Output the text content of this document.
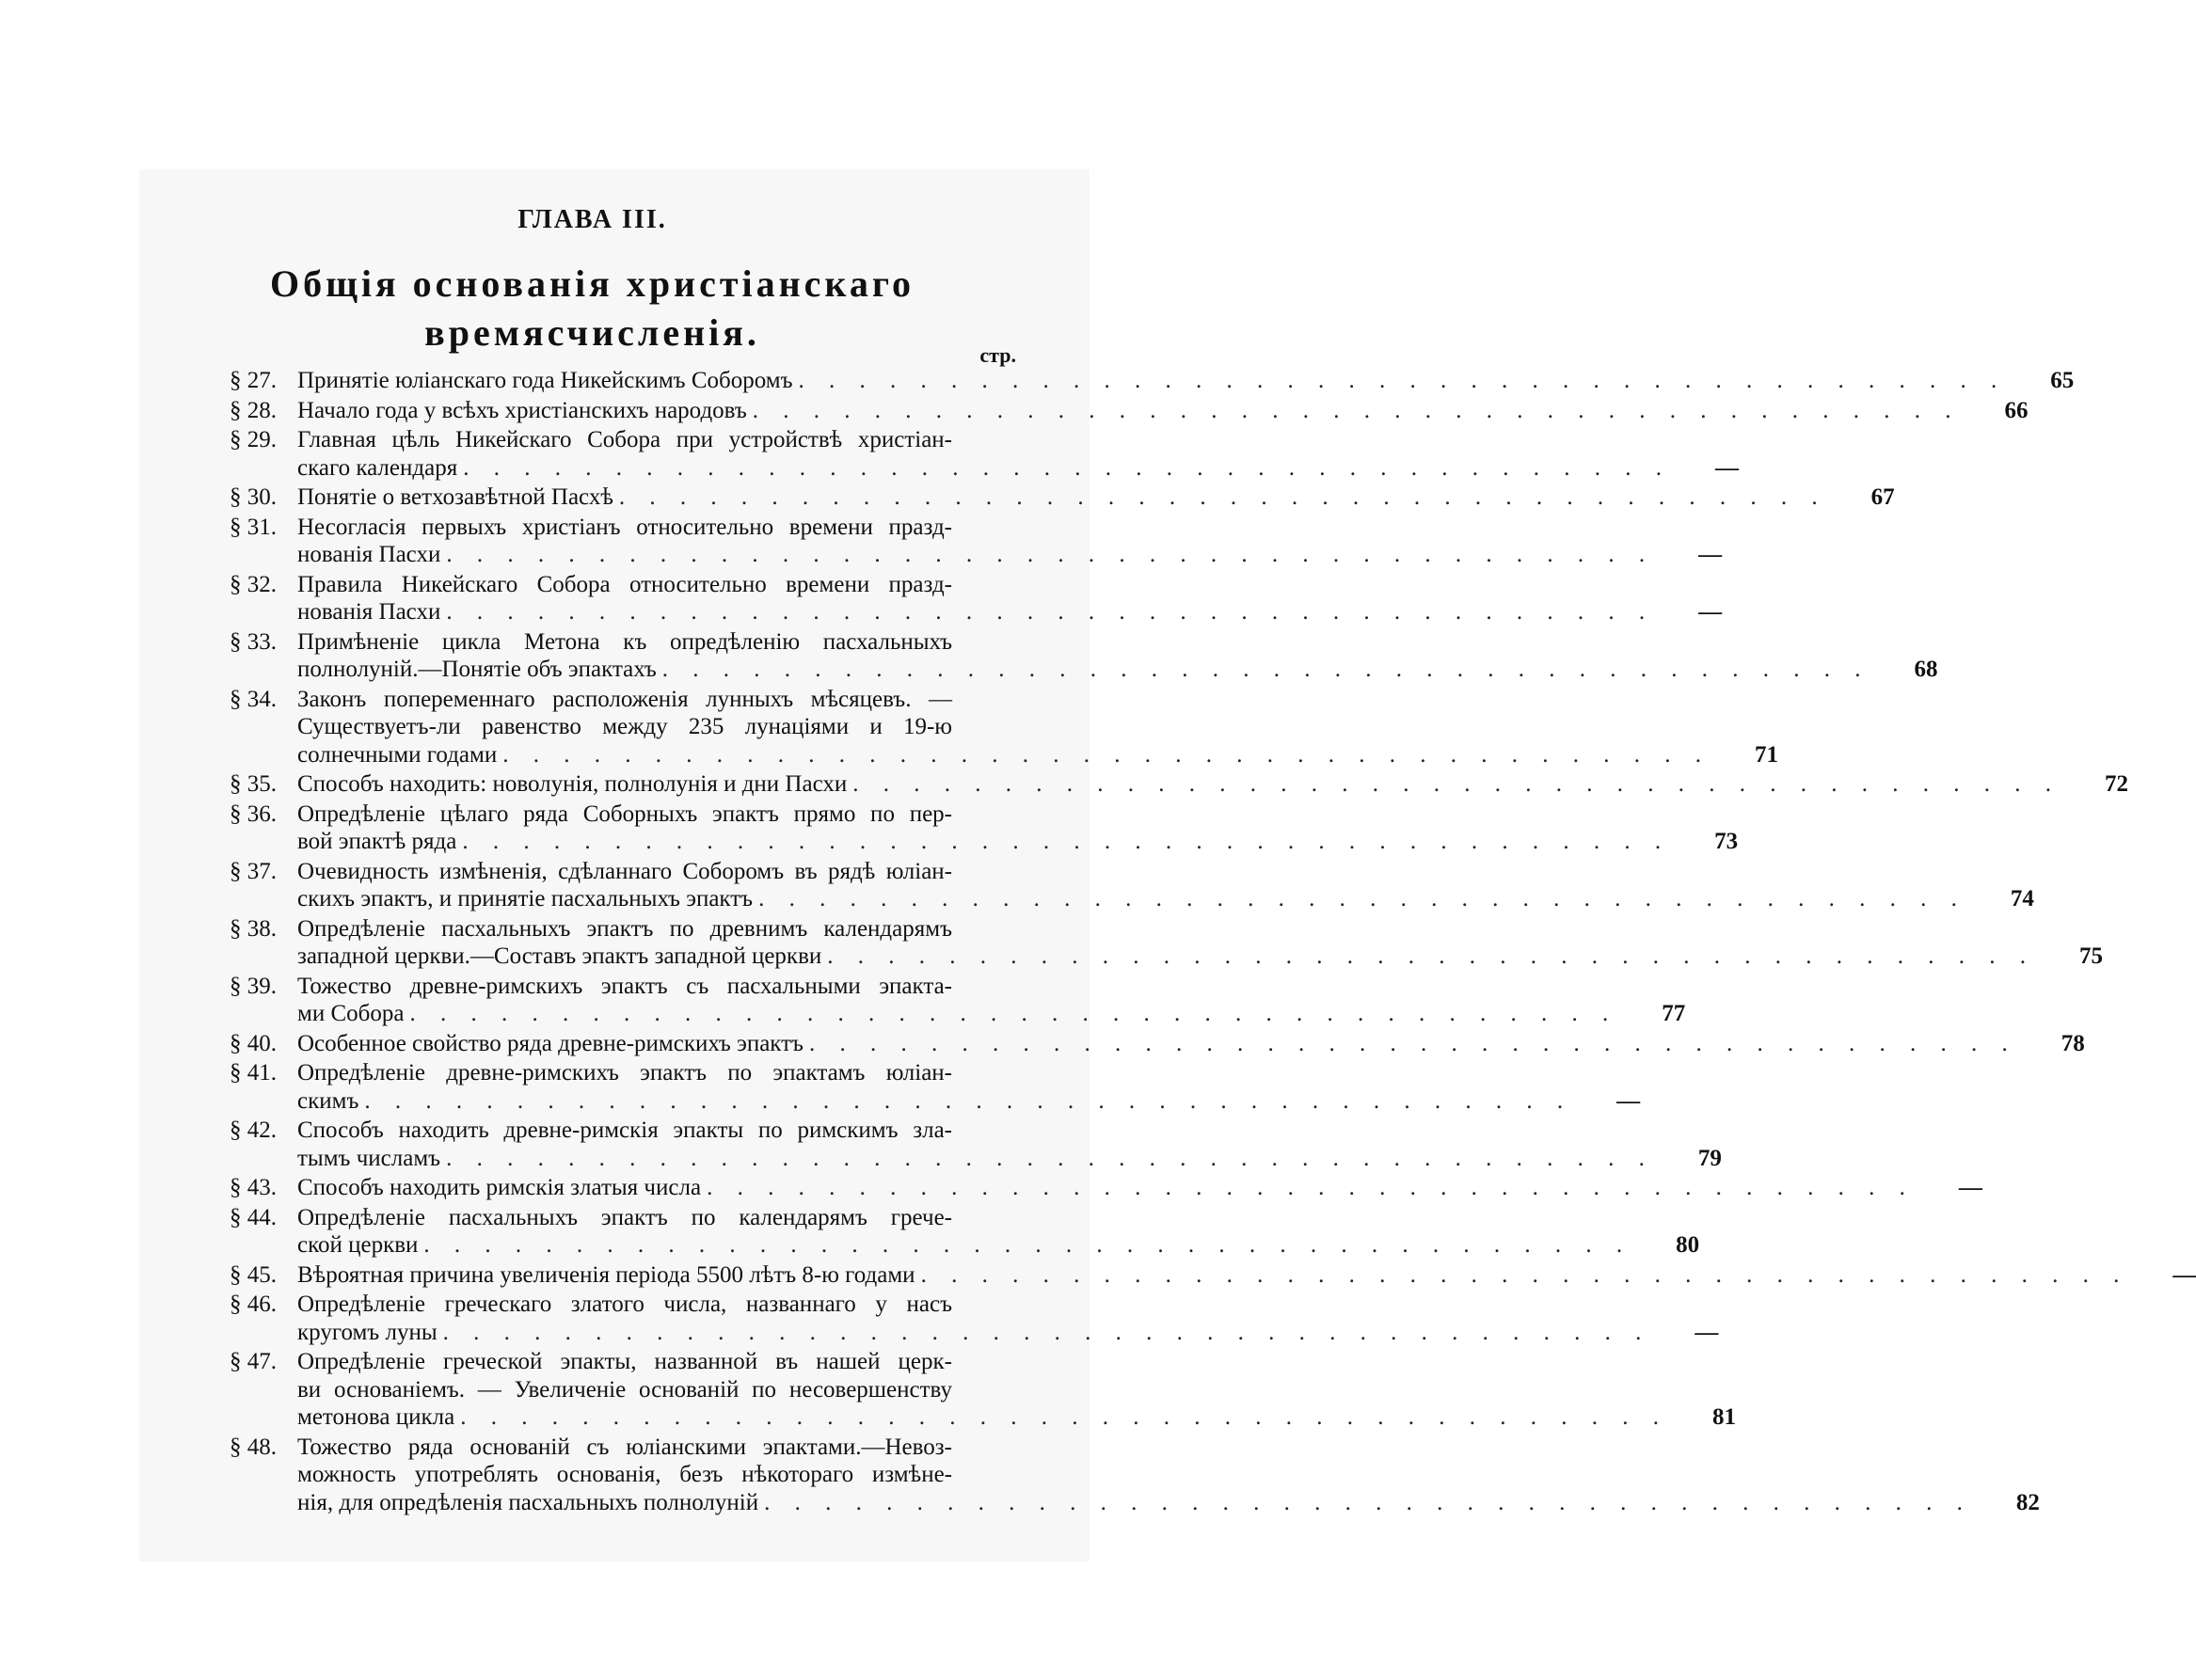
ГЛАВА III.
Общія основанія христіанскаго
времясчисленія.
стр.
§ 27. Принятіе юліанскаго года Никейскимъ Соборомъ . . . . . . . . . . . . . . . . . . . . . . . . . . . . . . . . . . . . . . . .	65
§ 28. Начало года у всѣхъ христіанскихъ народовъ . . . . . . . . . . . . . . . . . . . . . . . . . . . . . . . . . . . . . . . .	66
§ 29. Главная цѣль Никейскаго Собора при устройствѣ христіан-
скаго календаря . . . . . . . . . . . . . . . . . . . . . . . . . . . . . . . . . . . . . . . .	—
§ 30. Понятіе о ветхозавѣтной Пасхѣ . . . . . . . . . . . . . . . . . . . . . . . . . . . . . . . . . . . . . . . .	67
§ 31. Несогласія первыхъ христіанъ относительно времени празд-
нованія Пасхи . . . . . . . . . . . . . . . . . . . . . . . . . . . . . . . . . . . . . . . .	—
§ 32. Правила Никейскаго Собора относительно времени празд-
нованія Пасхи . . . . . . . . . . . . . . . . . . . . . . . . . . . . . . . . . . . . . . . .	—
§ 33. Примѣненіе цикла Метона къ опредѣленію пасхальныхъ
полнолуній.—Понятіе объ эпактахъ . . . . . . . . . . . . . . . . . . . . . . . . . . . . . . . . . . . . . . . .	68
§ 34. Законъ попеременнаго расположенія лунныхъ мѣсяцевъ. —
Существуетъ-ли равенство между 235 лунаціями и 19-ю
солнечными годами . . . . . . . . . . . . . . . . . . . . . . . . . . . . . . . . . . . . . . . .	71
§ 35. Способъ находить: новолунія, полнолунія и дни Пасхи . . . . . . . . . . . . . . . . . . . . . . . . . . . . . . . . . . . . . . . .	72
§ 36. Опредѣленіе цѣлаго ряда Соборныхъ эпактъ прямо по пер-
вой эпактѣ ряда . . . . . . . . . . . . . . . . . . . . . . . . . . . . . . . . . . . . . . . .	73
§ 37. Очевидность измѣненія, сдѣланнаго Соборомъ въ рядѣ юліан-
скихъ эпактъ, и принятіе пасхальныхъ эпактъ . . . . . . . . . . . . . . . . . . . . . . . . . . . . . . . . . . . . . . . .	74
§ 38. Опредѣленіе пасхальныхъ эпактъ по древнимъ календарямъ
западной церкви.—Составъ эпактъ западной церкви . . . . . . . . . . . . . . . . . . . . . . . . . . . . . . . . . . . . . . . .	75
§ 39. Тожество древне-римскихъ эпактъ съ пасхальными эпакта-
ми Собора . . . . . . . . . . . . . . . . . . . . . . . . . . . . . . . . . . . . . . . .	77
§ 40. Особенное свойство ряда древне-римскихъ эпактъ . . . . . . . . . . . . . . . . . . . . . . . . . . . . . . . . . . . . . . . .	78
§ 41. Опредѣленіе древне-римскихъ эпактъ по эпактамъ юліан-
скимъ . . . . . . . . . . . . . . . . . . . . . . . . . . . . . . . . . . . . . . . .	—
§ 42. Способъ находить древне-римскія эпакты по римскимъ зла-
тымъ числамъ . . . . . . . . . . . . . . . . . . . . . . . . . . . . . . . . . . . . . . . .	79
§ 43. Способъ находить римскія златыя числа . . . . . . . . . . . . . . . . . . . . . . . . . . . . . . . . . . . . . . . .	—
§ 44. Опредѣленіе пасхальныхъ эпактъ по календарямъ грече-
ской церкви . . . . . . . . . . . . . . . . . . . . . . . . . . . . . . . . . . . . . . . .	80
§ 45. Вѣроятная причина увеличенія періода 5500 лѣтъ 8-ю годами . . . . . . . . . . . . . . . . . . . . . . . . . . . . . . . . . . . . . . . .	—
§ 46. Опредѣленіе греческаго златого числа, названнаго у насъ
кругомъ луны . . . . . . . . . . . . . . . . . . . . . . . . . . . . . . . . . . . . . . . .	—
§ 47. Опредѣленіе греческой эпакты, названной въ нашей церк-
ви основаніемъ. — Увеличеніе основаній по несовершенству
метонова цикла . . . . . . . . . . . . . . . . . . . . . . . . . . . . . . . . . . . . . . . .	81
§ 48. Тожество ряда основаній съ юліанскими эпактами.—Невоз-
можность употреблять основанія, безъ нѣкотораго измѣне-
нія, для опредѣленія пасхальныхъ полнолуній . . . . . . . . . . . . . . . . . . . . . . . . . . . . . . . . . . . . . . . .	82
